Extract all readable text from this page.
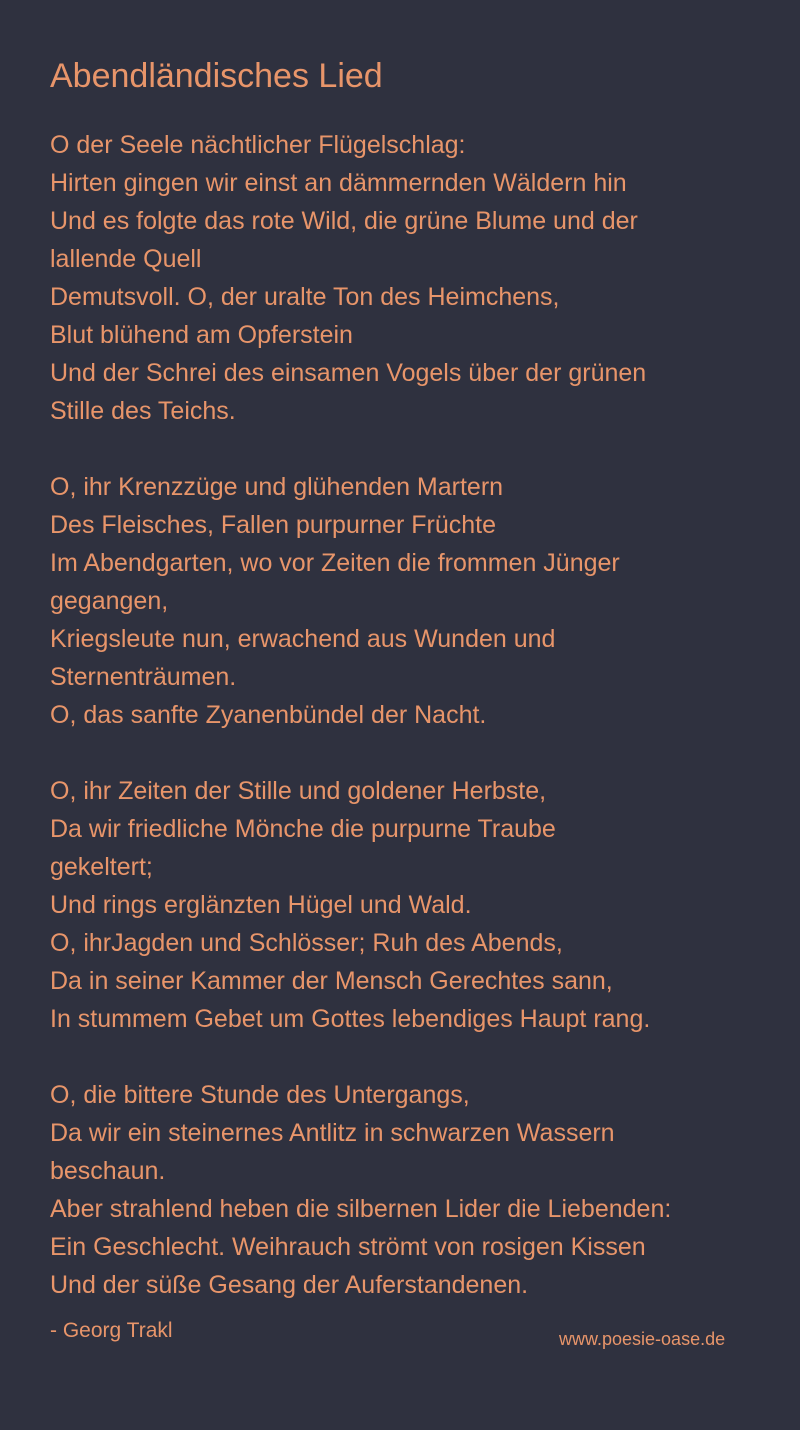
Abendländisches Lied
O der Seele nächtlicher Flügelschlag:
Hirten gingen wir einst an dämmernden Wäldern hin
Und es folgte das rote Wild, die grüne Blume und der
lallende Quell
Demutsvoll. O, der uralte Ton des Heimchens,
Blut blühend am Opferstein
Und der Schrei des einsamen Vogels über der grünen
Stille des Teichs.
O, ihr Krenzzüge und glühenden Martern
Des Fleisches, Fallen purpurner Früchte
Im Abendgarten, wo vor Zeiten die frommen Jünger
gegangen,
Kriegsleute nun, erwachend aus Wunden und
Sternenträumen.
O, das sanfte Zyanenbündel der Nacht.
O, ihr Zeiten der Stille und goldener Herbste,
Da wir friedliche Mönche die purpurne Traube
gekeltert;
Und rings erglänzten Hügel und Wald.
O, ihrJagden und Schlösser; Ruh des Abends,
Da in seiner Kammer der Mensch Gerechtes sann,
In stummem Gebet um Gottes lebendiges Haupt rang.
O, die bittere Stunde des Untergangs,
Da wir ein steinernes Antlitz in schwarzen Wassern
beschaun.
Aber strahlend heben die silbernen Lider die Liebenden:
Ein Geschlecht. Weihrauch strömt von rosigen Kissen
Und der süße Gesang der Auferstandenen.
- Georg Trakl	www.poesie-oase.de
